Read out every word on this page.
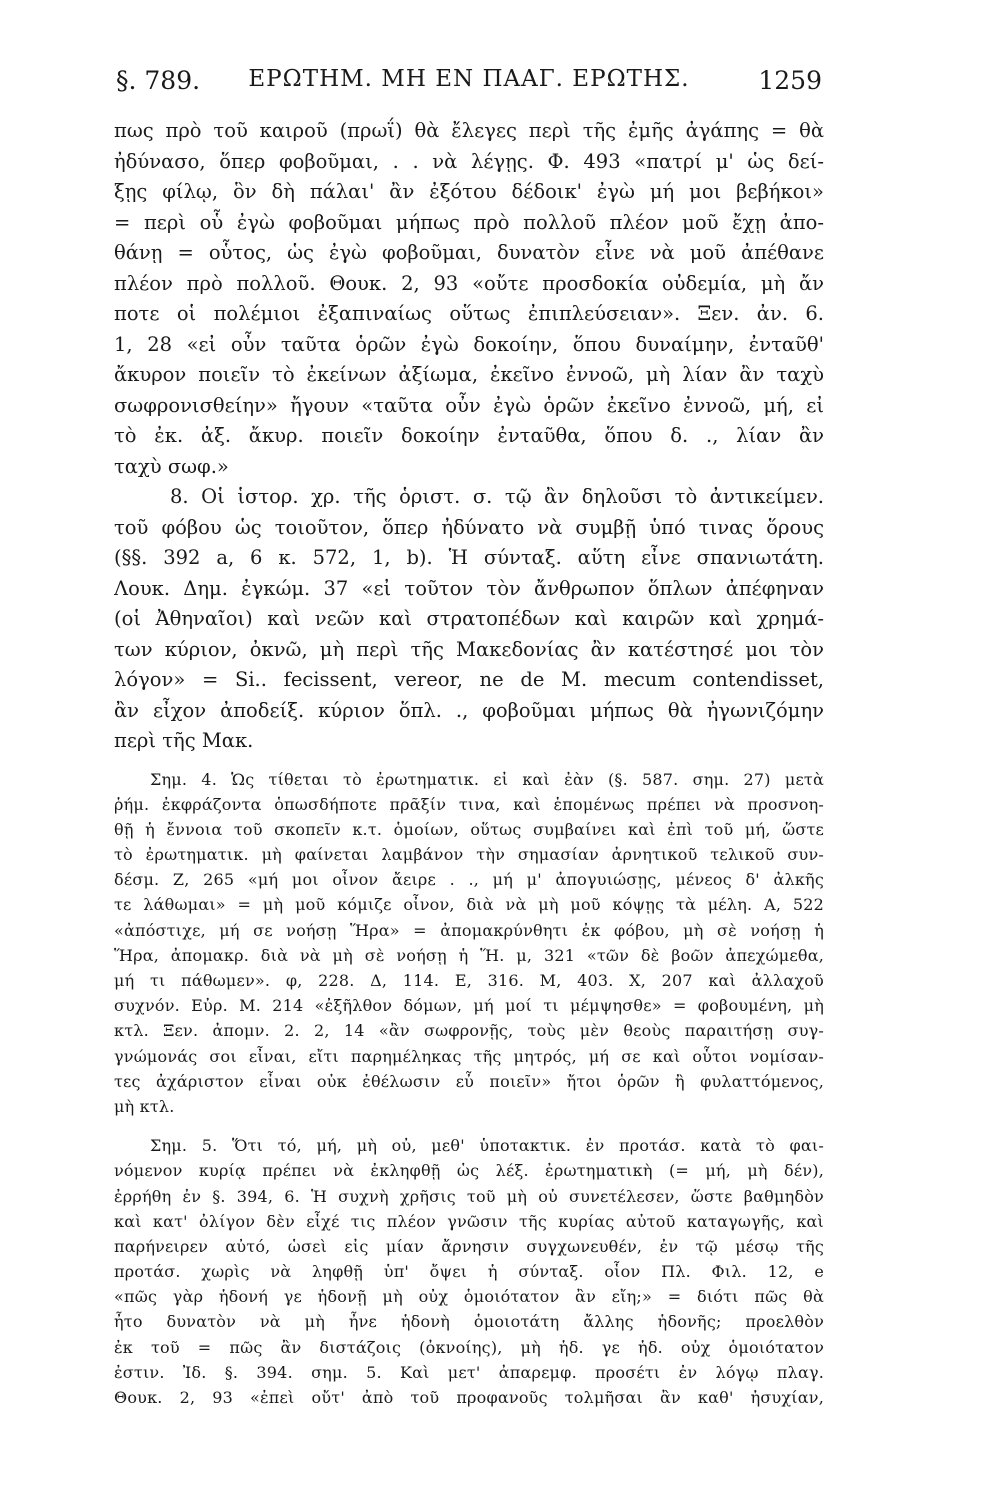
§. 789.	ΕΡΩΤΗΜ. ΜΗ ΕΝ ΠΑΑΓ. ΕΡΩΤΗΣ.	1259
πως πρὸ τοῦ καιροῦ (πρωΐ) θὰ ἔλεγες περὶ τῆς ἐμῆς ἀγάπης = θὰ
ἠδύνασο, ὅπερ φοβοῦμαι, . . νὰ λέγῃς. Φ. 493 «πατρί μ' ὡς δεί-
ξῃς φίλῳ, ὃν δὴ πάλαι' ἂν ἐξότου δέδοικ' ἐγὼ μή μοι βεβήκοι»
= περὶ οὗ ἐγὼ φοβοῦμαι μήπως πρὸ πολλοῦ πλέον μοῦ ἔχῃ ἀπο-
θάνῃ = οὗτος, ὡς ἐγὼ φοβοῦμαι, δυνατὸν εἶνε νὰ μοῦ ἀπέθανε
πλέον πρὸ πολλοῦ. Θουκ. 2, 93 «οὔτε προσδοκία οὐδεμία, μὴ ἄν
ποτε οἱ πολέμιοι ἐξαπιναίως οὕτως ἐπιπλεύσειαν». Ξεν. ἀν. 6.
1, 28 «εἰ οὖν ταῦτα ὁρῶν ἐγὼ δοκοίην, ὅπου δυναίμην, ἐνταῦθ'
ἄκυρον ποιεῖν τὸ ἐκείνων ἀξίωμα, ἐκεῖνο ἐννοῶ, μὴ λίαν ἂν ταχὺ
σωφρονισθείην» ἤγουν «ταῦτα οὖν ἐγὼ ὁρῶν ἐκεῖνο ἐννοῶ, μή, εἰ
τὸ ἐκ. ἀξ. ἄκυρ. ποιεῖν δοκοίην ἐνταῦθα, ὅπου δ. ., λίαν ἂν
ταχὺ σωφ.»
8. Οἱ ἱστορ. χρ. τῆς ὁριστ. σ. τῷ ἂν δηλοῦσι τὸ ἀντικείμεν.
τοῦ φόβου ὡς τοιοῦτον, ὅπερ ἠδύνατο νὰ συμβῇ ὑπό τινας ὅρους
(§§. 392 a, 6 κ. 572, 1, b). Ἡ σύνταξ. αὕτη εἶνε σπανιωτάτη.
Λουκ. Δημ. ἐγκώμ. 37 «εἰ τοῦτον τὸν ἄνθρωπον ὅπλων ἀπέφηναν
(οἱ Ἀθηναῖοι) καὶ νεῶν καὶ στρατοπέδων καὶ καιρῶν καὶ χρημά-
των κύριον, ὀκνῶ, μὴ περὶ τῆς Μακεδονίας ἂν κατέστησέ μοι τὸν
λόγον» = Si.. fecissent, vereor, ne de M. mecum contendisset,
ἂν εἶχον ἀποδείξ. κύριον ὅπλ. ., φοβοῦμαι μήπως θὰ ἠγωνιζόμην
περὶ τῆς Μακ.
Σημ. 4. Ὡς τίθεται τὸ ἐρωτηματικ. εἰ καὶ ἐὰν (§. 587. σημ. 27) μετὰ
ῥήμ. ἐκφράζοντα ὁπωσδήποτε πρᾶξίν τινα, καὶ ἑπομένως πρέπει νὰ προσνοη-
θῇ ἡ ἔννοια τοῦ σκοπεῖν κ.τ. ὁμοίων, οὕτως συμβαίνει καὶ ἐπὶ τοῦ μή, ὥστε
τὸ ἐρωτηματικ. μὴ φαίνεται λαμβάνον τὴν σημασίαν ἀρνητικοῦ τελικοῦ συν-
δέσμ. Ζ, 265 «μή μοι οἶνον ἄειρε . ., μή μ' ἀπογυιώσῃς, μένεος δ' ἀλκῆς
τε λάθωμαι» = μὴ μοῦ κόμιζε οἶνον, διὰ νὰ μὴ μοῦ κόψῃς τὰ μέλη. Α, 522
«ἀπόστιχε, μή σε νοήσῃ Ἥρα» = ἀπομακρύνθητι ἐκ φόβου, μὴ σὲ νοήσῃ ἡ
Ἥρα, ἀπομακρ. διὰ νὰ μὴ σὲ νοήσῃ ἡ Ἥ. μ, 321 «τῶν δὲ βοῶν ἀπεχώμεθα,
μή τι πάθωμεν». φ, 228. Δ, 114. Ε, 316. Μ, 403. Χ, 207 καὶ ἀλλαχοῦ
συχνόν. Εὐρ. Μ. 214 «ἐξῆλθον δόμων, μή μοί τι μέμψησθε» = φοβουμένη, μὴ
κτλ. Ξεν. ἀπομν. 2. 2, 14 «ἂν σωφρονῇς, τοὺς μὲν θεοὺς παραιτήσῃ συγ-
γνώμονάς σοι εἶναι, εἴτι παρημέληκας τῆς μητρός, μή σε καὶ οὗτοι νομίσαν-
τες ἀχάριστον εἶναι οὐκ ἐθέλωσιν εὖ ποιεῖν» ἤτοι ὁρῶν ἢ φυλαττόμενος,
μὴ κτλ.
Σημ. 5. Ὅτι τό, μή, μὴ οὐ, μεθ' ὑποτακτικ. ἐν προτάσ. κατὰ τὸ φαι-
νόμενον κυρίᾳ πρέπει νὰ ἐκληφθῇ ὡς λέξ. ἐρωτηματικὴ (= μή, μὴ δέν),
ἐρρήθη ἐν §. 394, 6. Ἡ συχνὴ χρῆσις τοῦ μὴ οὐ συνετέλεσεν, ὥστε βαθμηδὸν
καὶ κατ' ὀλίγον δὲν εἶχέ τις πλέον γνῶσιν τῆς κυρίας αὐτοῦ καταγωγῆς, καὶ
παρήνειρεν αὐτό, ὡσεὶ εἰς μίαν ἄρνησιν συγχωνευθέν, ἐν τῷ μέσῳ τῆς
προτάσ. χωρὶς νὰ ληφθῇ ὑπ' ὄψει ἡ σύνταξ. οἷον Πλ. Φιλ. 12, e
«πῶς γὰρ ἡδονή γε ἡδονῇ μὴ οὐχ ὁμοιότατον ἂν εἴη;» = διότι πῶς θὰ
ἦτο δυνατὸν νὰ μὴ ἦνε ἡδονὴ ὁμοιοτάτη ἄλλης ἡδονῆς; προελθὸν
ἐκ τοῦ = πῶς ἂν διστάζοις (ὀκνοίης), μὴ ἡδ. γε ἡδ. οὐχ ὁμοιότατον
ἐστιν. Ἰδ. §. 394. σημ. 5. Καὶ μετ' ἀπαρεμφ. προσέτι ἐν λόγῳ πλαγ.
Θουκ. 2, 93 «ἐπεὶ οὔτ' ἀπὸ τοῦ προφανοῦς τολμῆσαι ἂν καθ' ἡσυχίαν,
